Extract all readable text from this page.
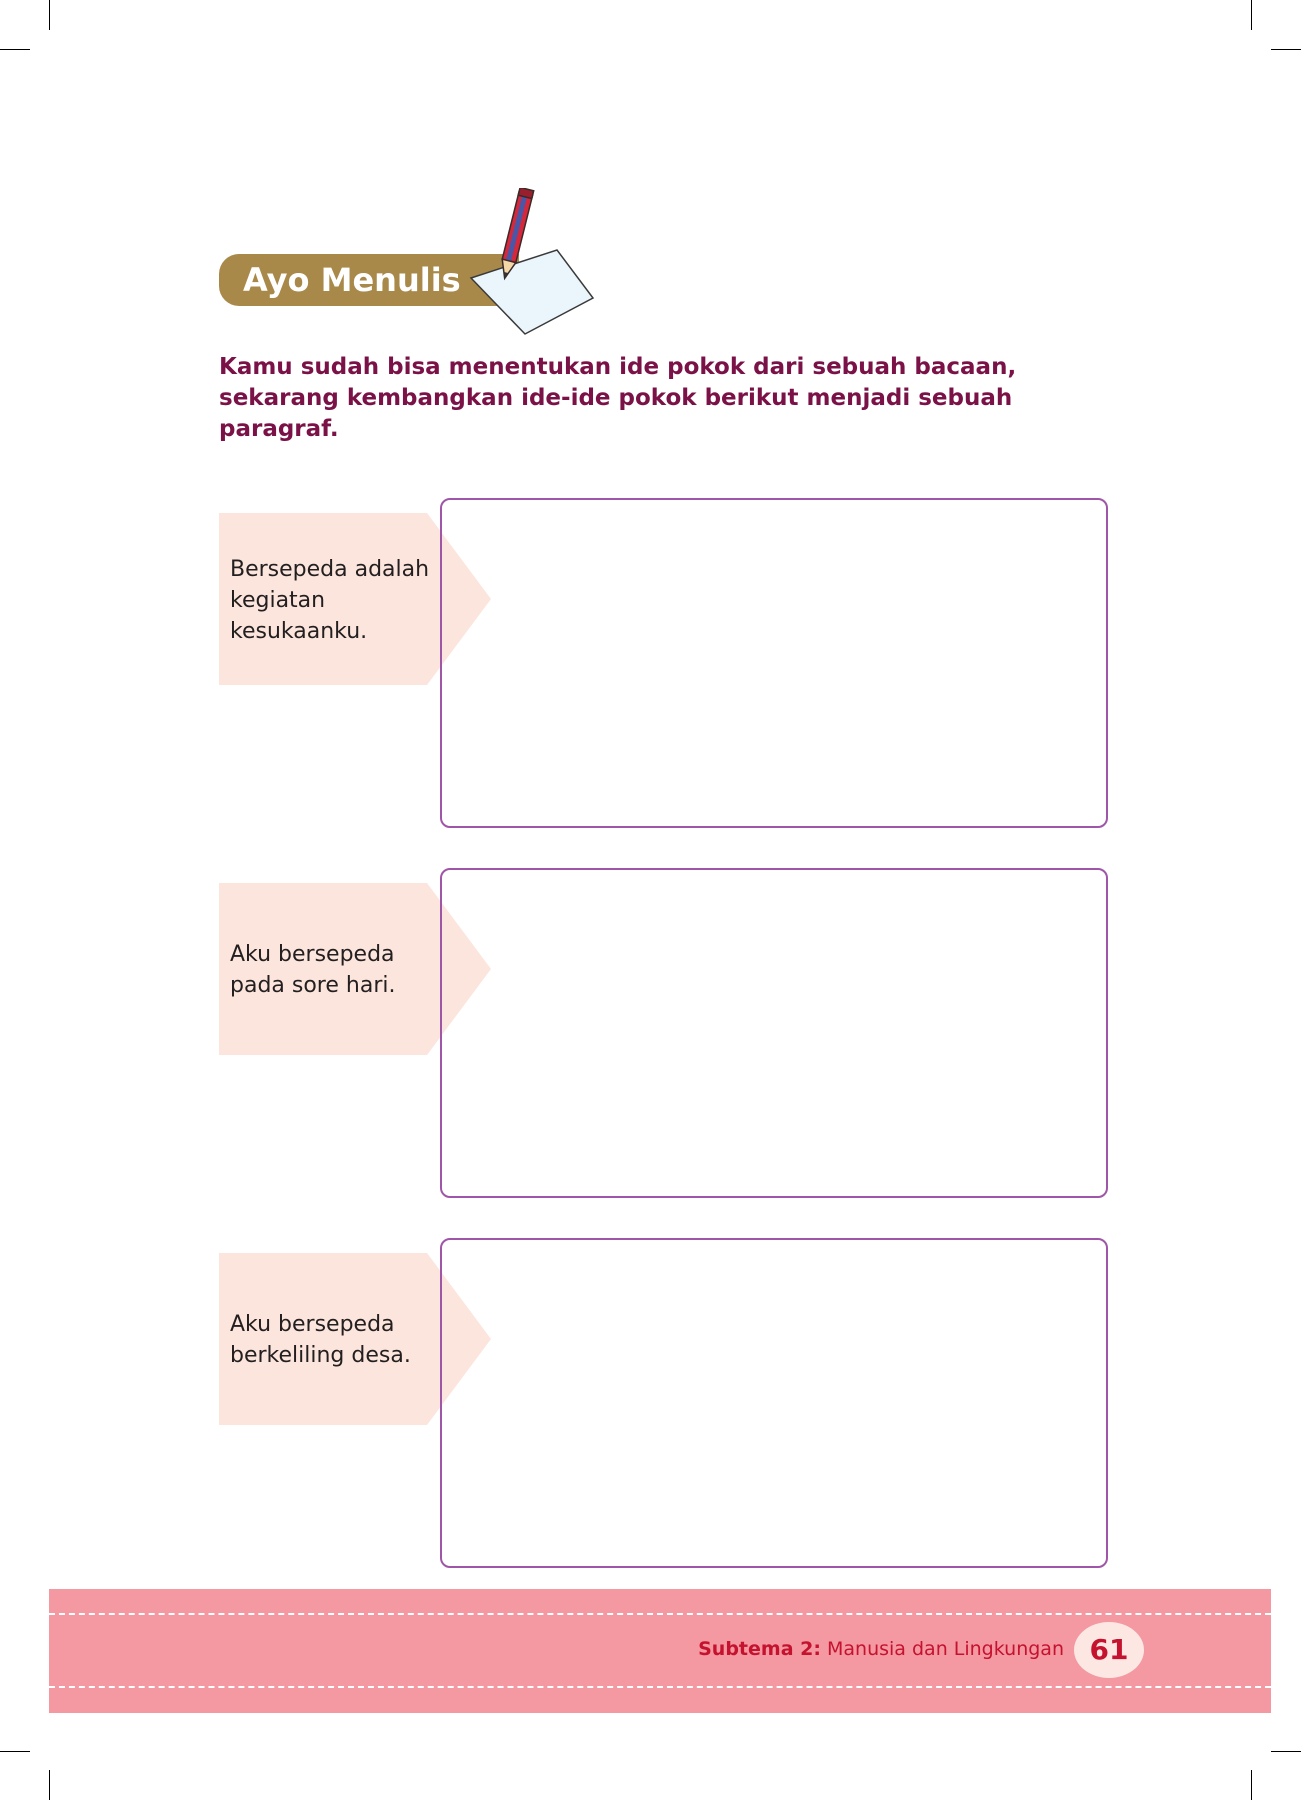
Ayo Menulis
Kamu sudah bisa menentukan ide pokok dari sebuah bacaan, sekarang kembangkan ide-ide pokok berikut menjadi sebuah paragraf.
Bersepeda adalah kegiatan kesukaanku.
Aku bersepeda pada sore hari.
Aku bersepeda berkeliling desa.
Subtema 2: Manusia dan Lingkungan 61
